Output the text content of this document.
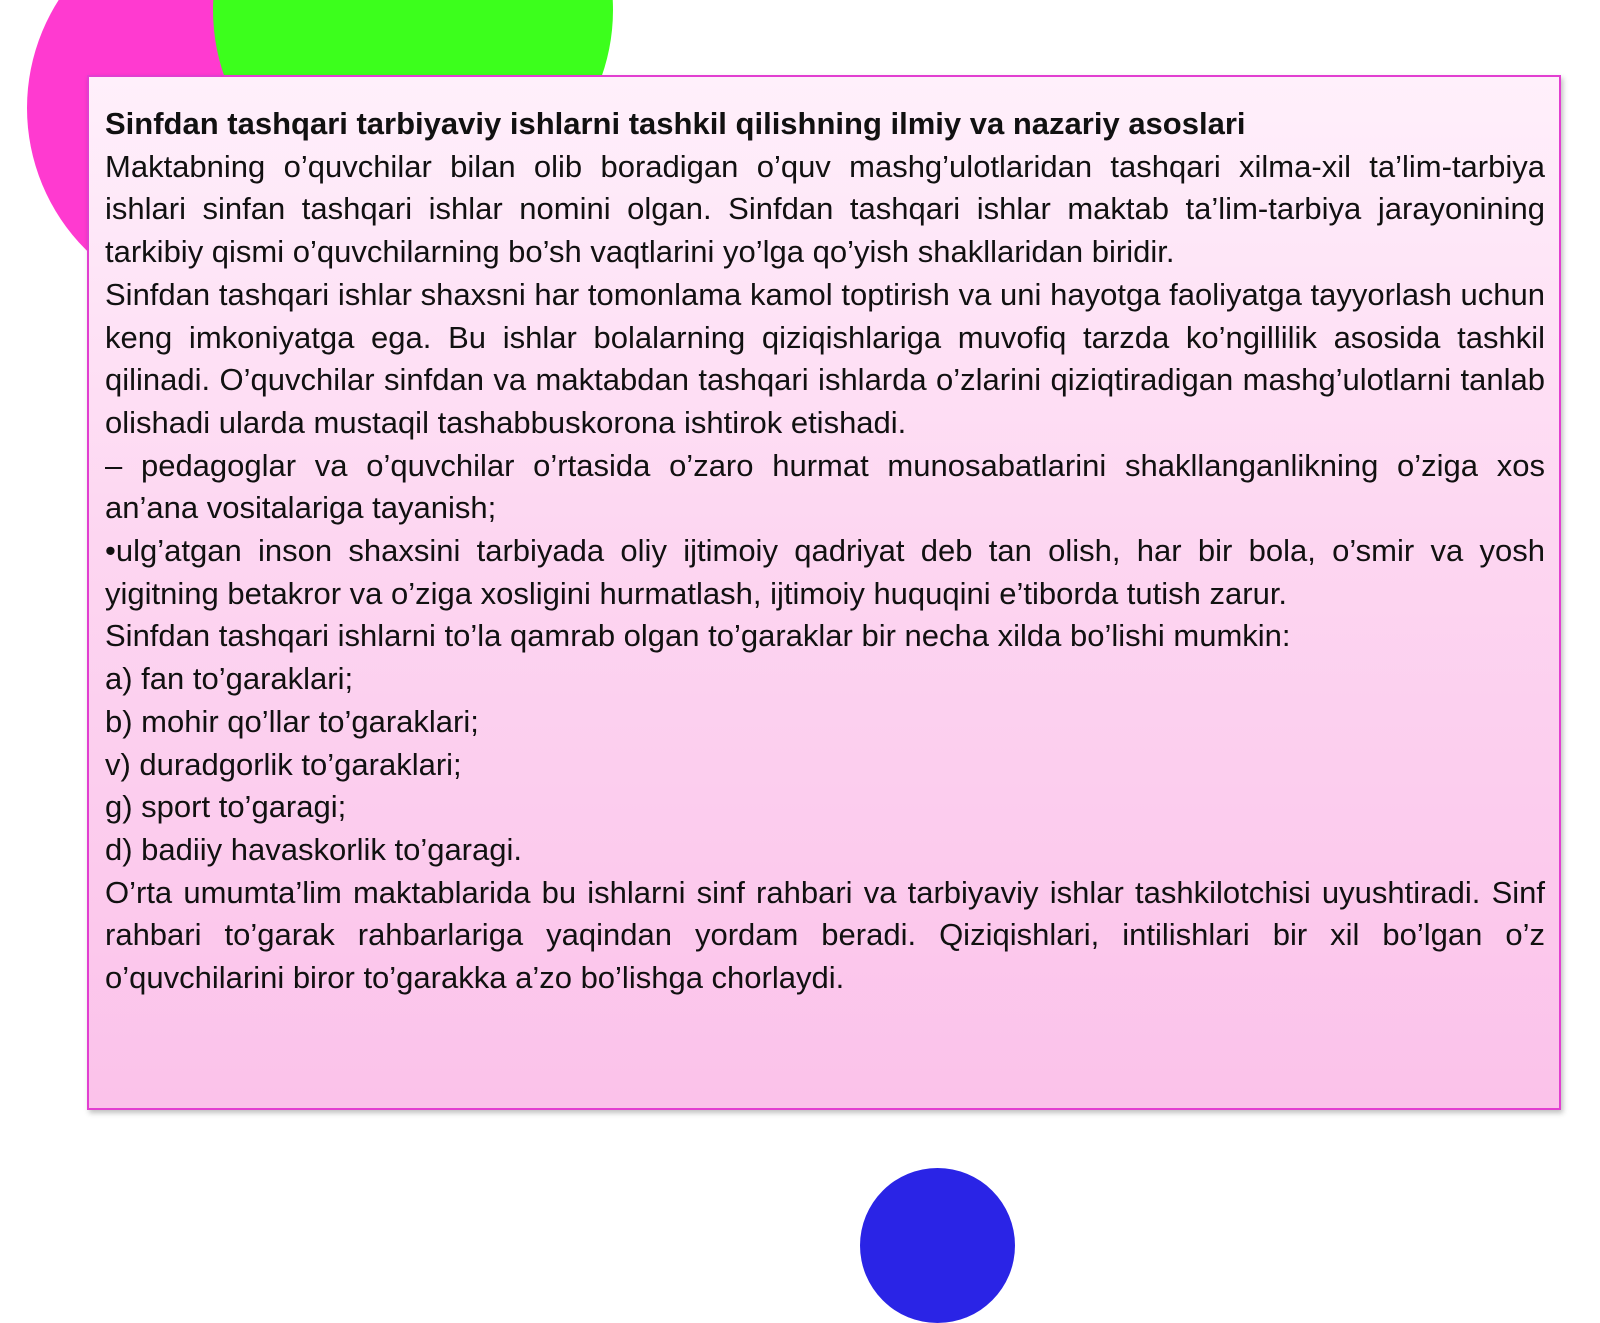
Sinfdan tashqari tarbiyaviy ishlarni tashkil qilishning ilmiy va nazariy asoslari

Maktabning o’quvchilar bilan olib boradigan o’quv mashg’ulotlaridan tashqari xilma-xil ta’lim-tarbiya ishlari sinfan tashqari ishlar nomini olgan. Sinfdan tashqari ishlar maktab ta’lim-tarbiya jarayonining tarkibiy qismi o’quvchilarning bo’sh vaqtlarini yo’lga qo’yish shakllaridan biridir.

Sinfdan tashqari ishlar shaxsni har tomonlama kamol toptirish va uni hayotga faoliyatga tayyorlash uchun keng imkoniyatga ega. Bu ishlar bolalarning qiziqishlariga muvofiq tarzda ko’ngillilik asosida tashkil qilinadi. O’quvchilar sinfdan va maktabdan tashqari ishlarda o’zlarini qiziqtiradigan mashg’ulotlarni tanlab olishadi ularda mustaqil tashabbuskorona ishtirok etishadi.

– pedagoglar va o’quvchilar o’rtasida o’zaro hurmat munosabatlarini shakllanganlikning o’ziga xos an’ana vositalariga tayanish;

•ulg’atgan inson shaxsini tarbiyada oliy ijtimoiy qadriyat deb tan olish, har bir bola, o’smir va yosh yigitning betakror va o’ziga xosligini hurmatlash, ijtimoiy huquqini e’tiborda tutish zarur.

Sinfdan tashqari ishlarni to’la qamrab olgan to’garaklar bir necha xilda bo’lishi mumkin:

a) fan to’garaklari;

b) mohir qo’llar to’garaklari;

v) duradgorlik to’garaklari;

g) sport to’garagi;

d) badiiy havaskorlik to’garagi.

O’rta umumta’lim maktablarida bu ishlarni sinf rahbari va tarbiyaviy ishlar tashkilotchisi uyushtiradi. Sinf rahbari to’garak rahbarlariga yaqindan yordam beradi. Qiziqishlari, intilishlari bir xil bo’lgan o’z o’quvchilarini biror to’garakka a’zo bo’lishga chorlaydi.
